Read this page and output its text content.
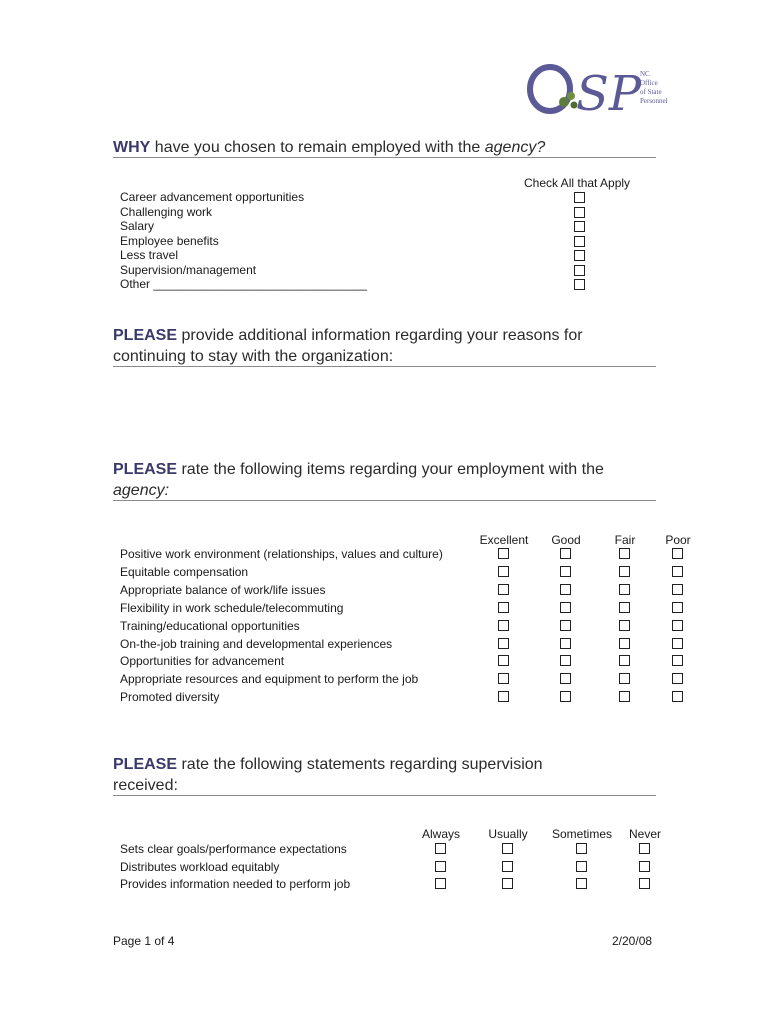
SP
NC
Office
of State
Personnel
WHY have you chosen to remain employed with the agency?
Check All that Apply
Career advancement opportunities
Challenging work
Salary
Employee benefits
Less travel
Supervision/management
Other ________________________________
PLEASE provide additional information regarding your reasons for
continuing to stay with the organization:
PLEASE rate the following items regarding your employment with the
agency:
Excellent	Good	Fair	Poor
Positive work environment (relationships, values and culture)
Equitable compensation
Appropriate balance of work/life issues
Flexibility in work schedule/telecommuting
Training/educational opportunities
On-the-job training and developmental experiences
Opportunities for advancement
Appropriate resources and equipment to perform the job
Promoted diversity
PLEASE rate the following statements regarding supervision
received:
Always	Usually	Sometimes	Never
Sets clear goals/performance expectations
Distributes workload equitably
Provides information needed to perform job
Page 1 of 4	2/20/08
